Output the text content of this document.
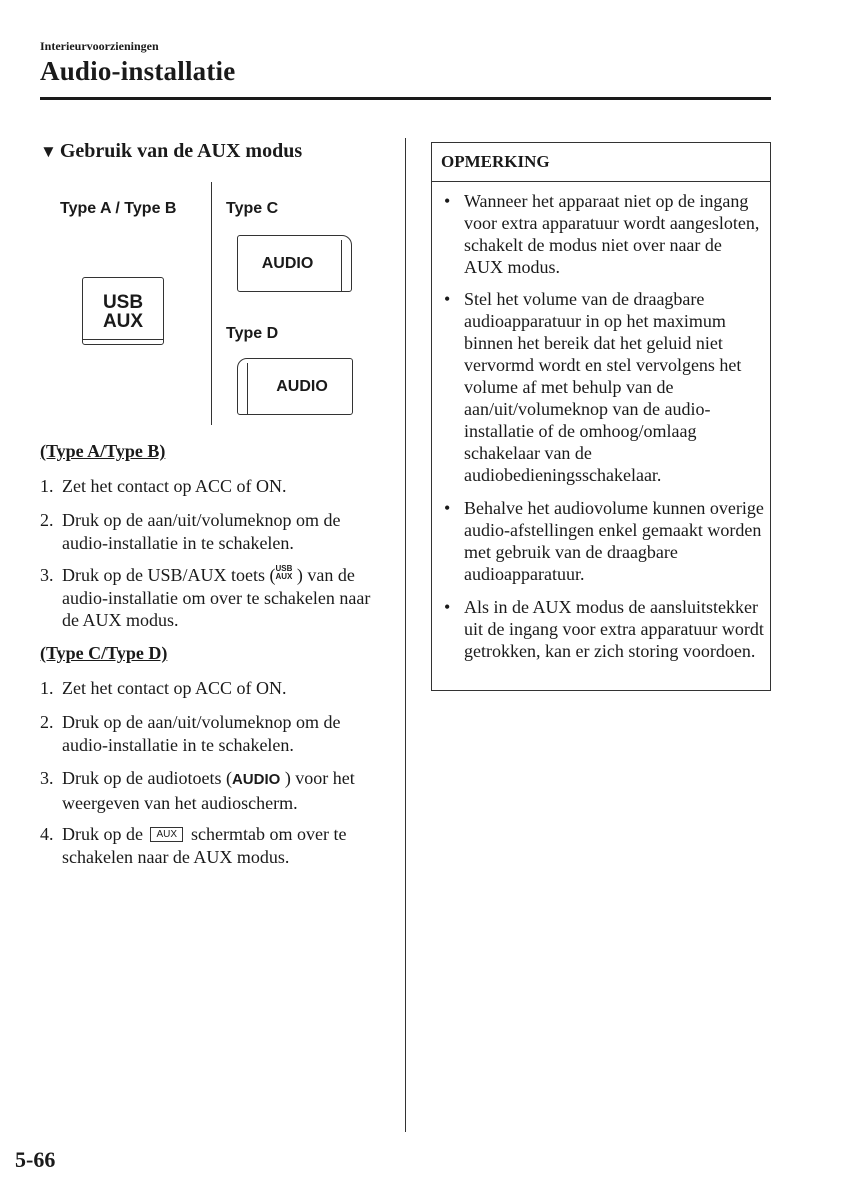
Interieurvoorzieningen
Audio-installatie
▼ Gebruik van de AUX modus
Type A / Type B	Type C
Type D
USB
AUX
AUDIO
AUDIO
(Type A/Type B)
1. Zet het contact op ACC of ON.
2. Druk op de aan/uit/volumeknop om de audio-installatie in te schakelen.
3. Druk op de USB/AUX toets (USB
AUX ) van de audio-installatie om over te schakelen naar de AUX modus.
(Type C/Type D)
1. Zet het contact op ACC of ON.
2. Druk op de aan/uit/volumeknop om de audio-installatie in te schakelen.
3. Druk op de audiotoets (AUDIO ) voor het weergeven van het audioscherm.
4. Druk op de AUX schermtab om over te schakelen naar de AUX modus.
OPMERKING
• Wanneer het apparaat niet op de ingang voor extra apparatuur wordt aangesloten, schakelt de modus niet over naar de AUX modus.
• Stel het volume van de draagbare audioapparatuur in op het maximum binnen het bereik dat het geluid niet vervormd wordt en stel vervolgens het volume af met behulp van de aan/uit/volumeknop van de audio-installatie of de omhoog/omlaag schakelaar van de audiobedieningsschakelaar.
• Behalve het audiovolume kunnen overige audio-afstellingen enkel gemaakt worden met gebruik van de draagbare audioapparatuur.
• Als in de AUX modus de aansluitstekker uit de ingang voor extra apparatuur wordt getrokken, kan er zich storing voordoen.
5-66
